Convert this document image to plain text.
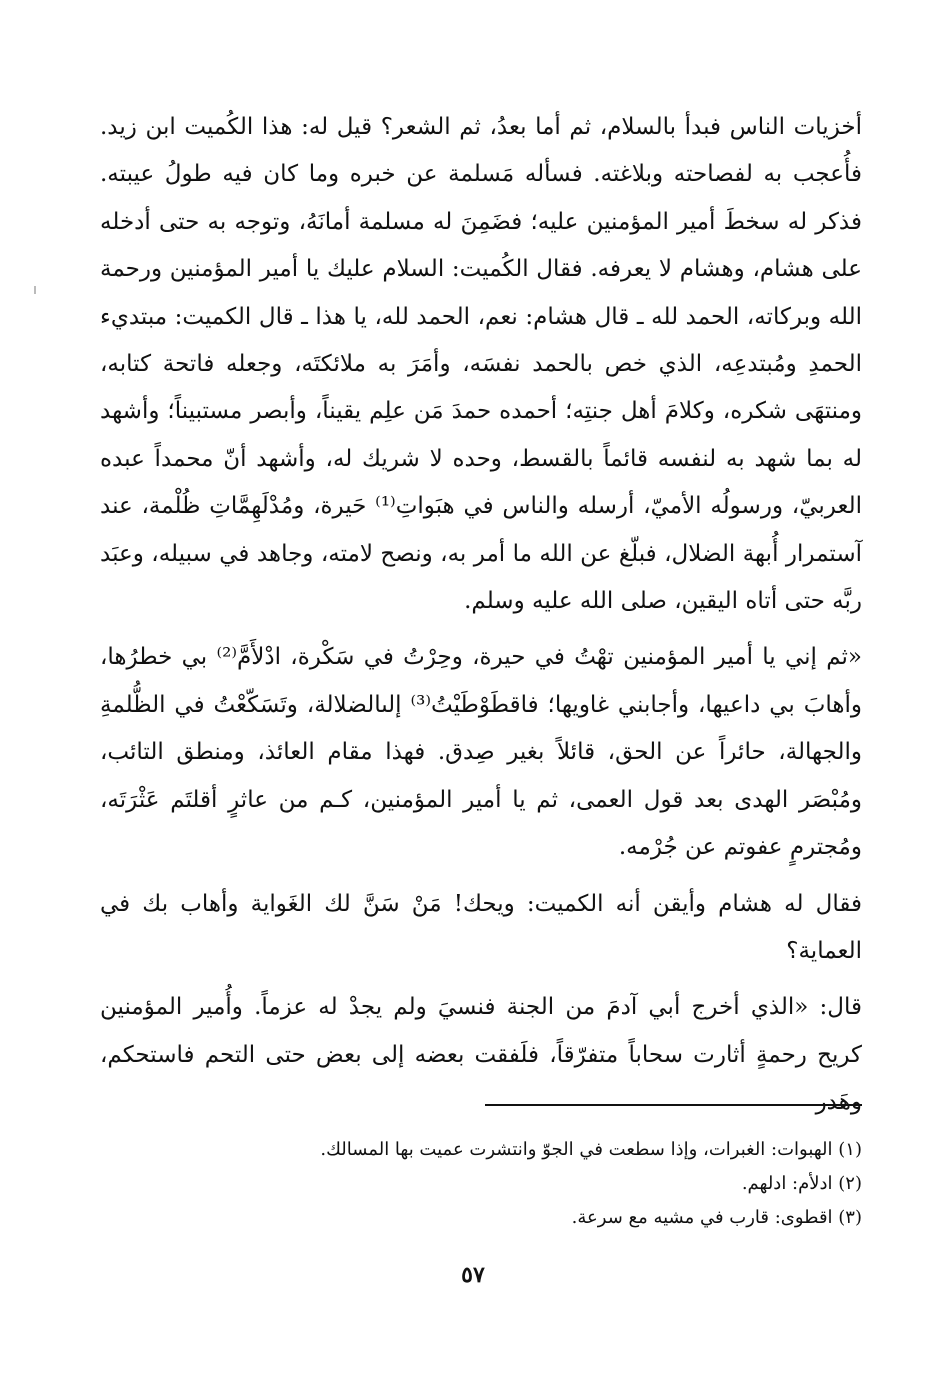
أخزيات الناس فبدأ بالسلام، ثم أما بعدُ، ثم الشعر؟ قيل له: هذا الكُميت ابن زيد. فأُعجب به لفصاحته وبلاغته. فسأله مَسلمة عن خبره وما كان فيه طولُ عيبته. فذكر له سخطَ أمير المؤمنين عليه؛ فضَمِنَ له مسلمة أمانَهُ، وتوجه به حتى أدخله على هشام، وهشام لا يعرفه. فقال الكُميت: السلام عليك يا أمير المؤمنين ورحمة الله وبركاته، الحمد لله ـ قال هشام: نعم، الحمد لله، يا هذا ـ قال الكميت: مبتديء الحمدِ ومُبتدعِه، الذي خص بالحمد نفسَه، وأمَرَ به ملائكتَه، وجعله فاتحة كتابه، ومنتهَى شكره، وكلامَ أهل جنتِه؛ أحمده حمدَ مَن علِم يقيناً، وأبصر مستبيناً؛ وأشهد له بما شهد به لنفسه قائماً بالقسط، وحده لا شريك له، وأشهد أنّ محمداً عبده العربيّ، ورسولُه الأميّ، أرسله والناس في هبَواتِ⁽¹⁾ حَيرة، ومُدْلَهِمَّاتِ ظُلْمة، عند آستمرار أُبهة الضلال، فبلّغ عن الله ما أمر به، ونصح لامته، وجاهد في سبيله، وعبَد ربَّه حتى أتاه اليقين، صلى الله عليه وسلم.

«ثم إني يا أمير المؤمنين تهْتُ في حيرة، وحِرْتُ في سَكْرة، ادْلأَمَّ⁽²⁾ بي خطرُها، وأهابَ بي داعيها، وأجابني غاويها؛ فاقطَوْطَيْتُ⁽³⁾ إلىالضلالة، وتَسَكّعْتُ في الظُّلمةِ والجهالة، حائراً عن الحق، قائلاً بغير صِدق. فهذا مقام العائذ، ومنطق التائب، ومُبْصَر الهدى بعد قول العمى، ثم يا أمير المؤمنين، كـم من عاثرٍ أقلتَم عَثْرَتَه، ومُجترمٍ عفوتم عن جُرْمه.

فقال له هشام وأيقن أنه الكميت: ويحك! مَنْ سَنَّ لك الغَواية وأهاب بك في العماية؟

قال: «الذي أخرج أبي آدمَ من الجنة فنسيَ ولم يجدْ له عزماً. وأُمير المؤمنين كريح رحمةٍ أثارت سحاباً متفرّقاً، فلَفقت بعضه إلى بعض حتى التحم فاستحكم، وهَدر

(١) الهبوات: الغبرات، وإذا سطعت في الجوّ وانتشرت عميت بها المسالك.

(٢) ادلأم: ادلهم.

(٣) اقطوى: قارب في مشيه مع سرعة.

٥٧
